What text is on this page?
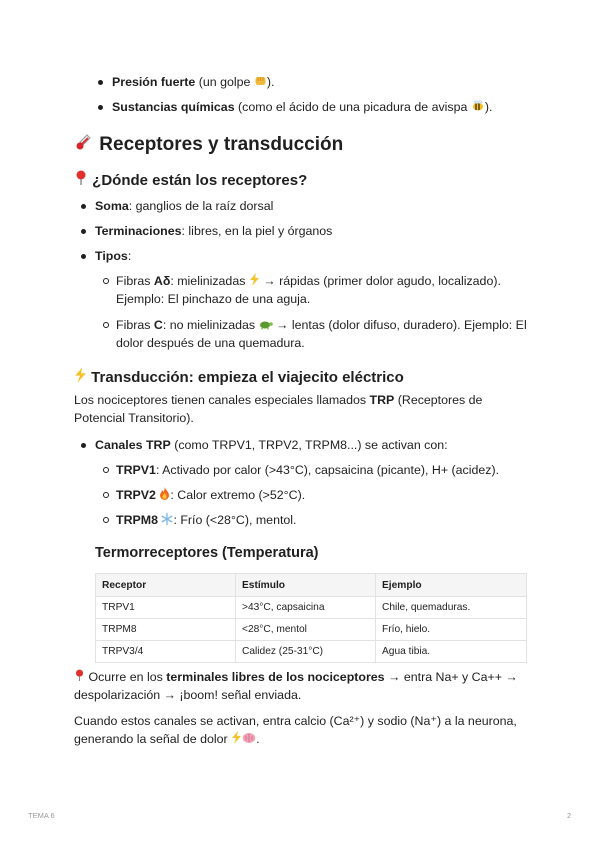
Presión fuerte (un golpe
).
Sustancias químicas (como el ácido de una picadura de avispa
).
Receptores y transducción
¿Dónde están los receptores?
Soma: ganglios de la raíz dorsal
Terminaciones: libres, en la piel y órganos
Tipos:
Fibras Aδ: mielinizadas
→ rápidas (primer dolor agudo, localizado). Ejemplo: El pinchazo de una aguja.
Fibras C: no mielinizadas
→ lentas (dolor difuso, duradero). Ejemplo: El dolor después de una quemadura.
Transducción: empieza el viajecito eléctrico
Los nociceptores tienen canales especiales llamados TRP (Receptores de Potencial Transitorio).
Canales TRP (como TRPV1, TRPV2, TRPM8...) se activan con:
TRPV1: Activado por calor (>43°C), capsaicina (picante), H+ (acidez).
TRPV2
: Calor extremo (>52°C).
TRPM8
: Frío (<28°C), mentol.
Termorreceptores (Temperatura)
Receptor	Estímulo	Ejemplo
TRPV1	>43°C, capsaicina	Chile, quemaduras.
TRPM8	<28°C, mentol	Frío, hielo.
TRPV3/4	Calidez (25-31°C)	Agua tibia.
Ocurre en los terminales libres de los nociceptores → entra Na+ y Ca++ → despolarización → ¡boom! señal enviada.
Cuando estos canales se activan, entra calcio (Ca²⁺) y sodio (Na⁺) a la neurona, generando la señal de dolor
.
TEMA 6	2
